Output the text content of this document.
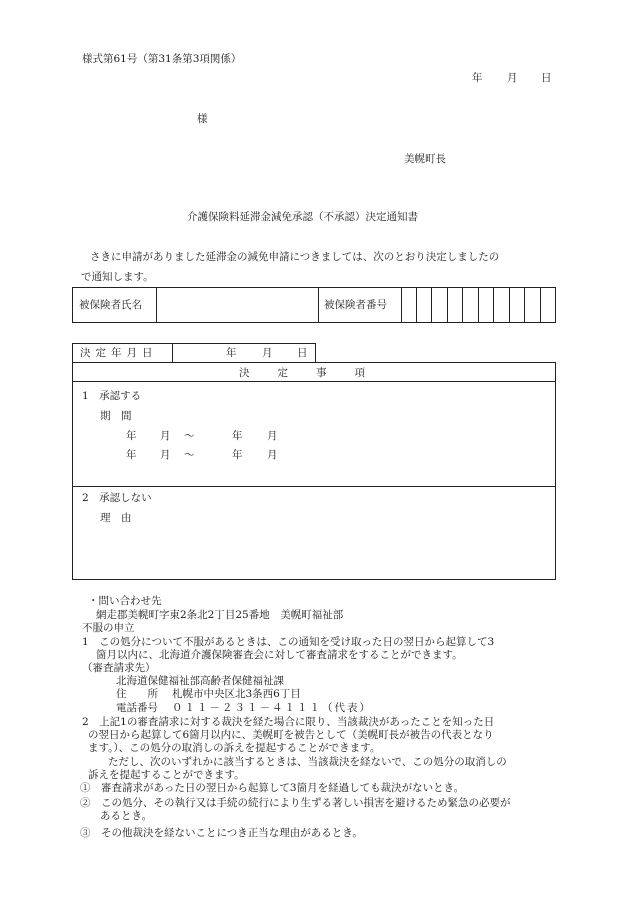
様式第61号（第31条第3項関係）
年 月 日
様
美幌町長
介護保険料延滞金減免承認（不承認）決定通知書
さきに申請がありました延滞金の減免申請につきましては、次のとおり決定しましたの
で通知します。
被保険者氏名	被保険者番号
決定年月日	年 月 日
決定事項
1　承認する
期　間
年 月 ～	年 月
年 月 ～	年 月
2　承認しない
理　由
・問い合わせ先
網走郡美幌町字東2条北2丁目25番地　美幌町福祉部
不服の申立
1　この処分について不服があるときは、この通知を受け取った日の翌日から起算して3
箇月以内に、北海道介護保険審査会に対して審査請求をすることができます。
（審査請求先）
北海道保健福祉部高齢者保健福祉課
住　　所 札幌市中央区北3条西6丁目
電話番号 ０１１－２３１－４１１１（代表）
2　上記1の審査請求に対する裁決を経た場合に限り、当該裁決があったことを知った日
の翌日から起算して6箇月以内に、美幌町を被告として（美幌町長が被告の代表となり
ます。）、この処分の取消しの訴えを提起することができます。
ただし、次のいずれかに該当するときは、当該裁決を経ないで、この処分の取消しの
訴えを提起することができます。
①　審査請求があった日の翌日から起算して3箇月を経過しても裁決がないとき。
②　この処分、その執行又は手続の続行により生ずる著しい損害を避けるため緊急の必要が
あるとき。
③　その他裁決を経ないことにつき正当な理由があるとき。
